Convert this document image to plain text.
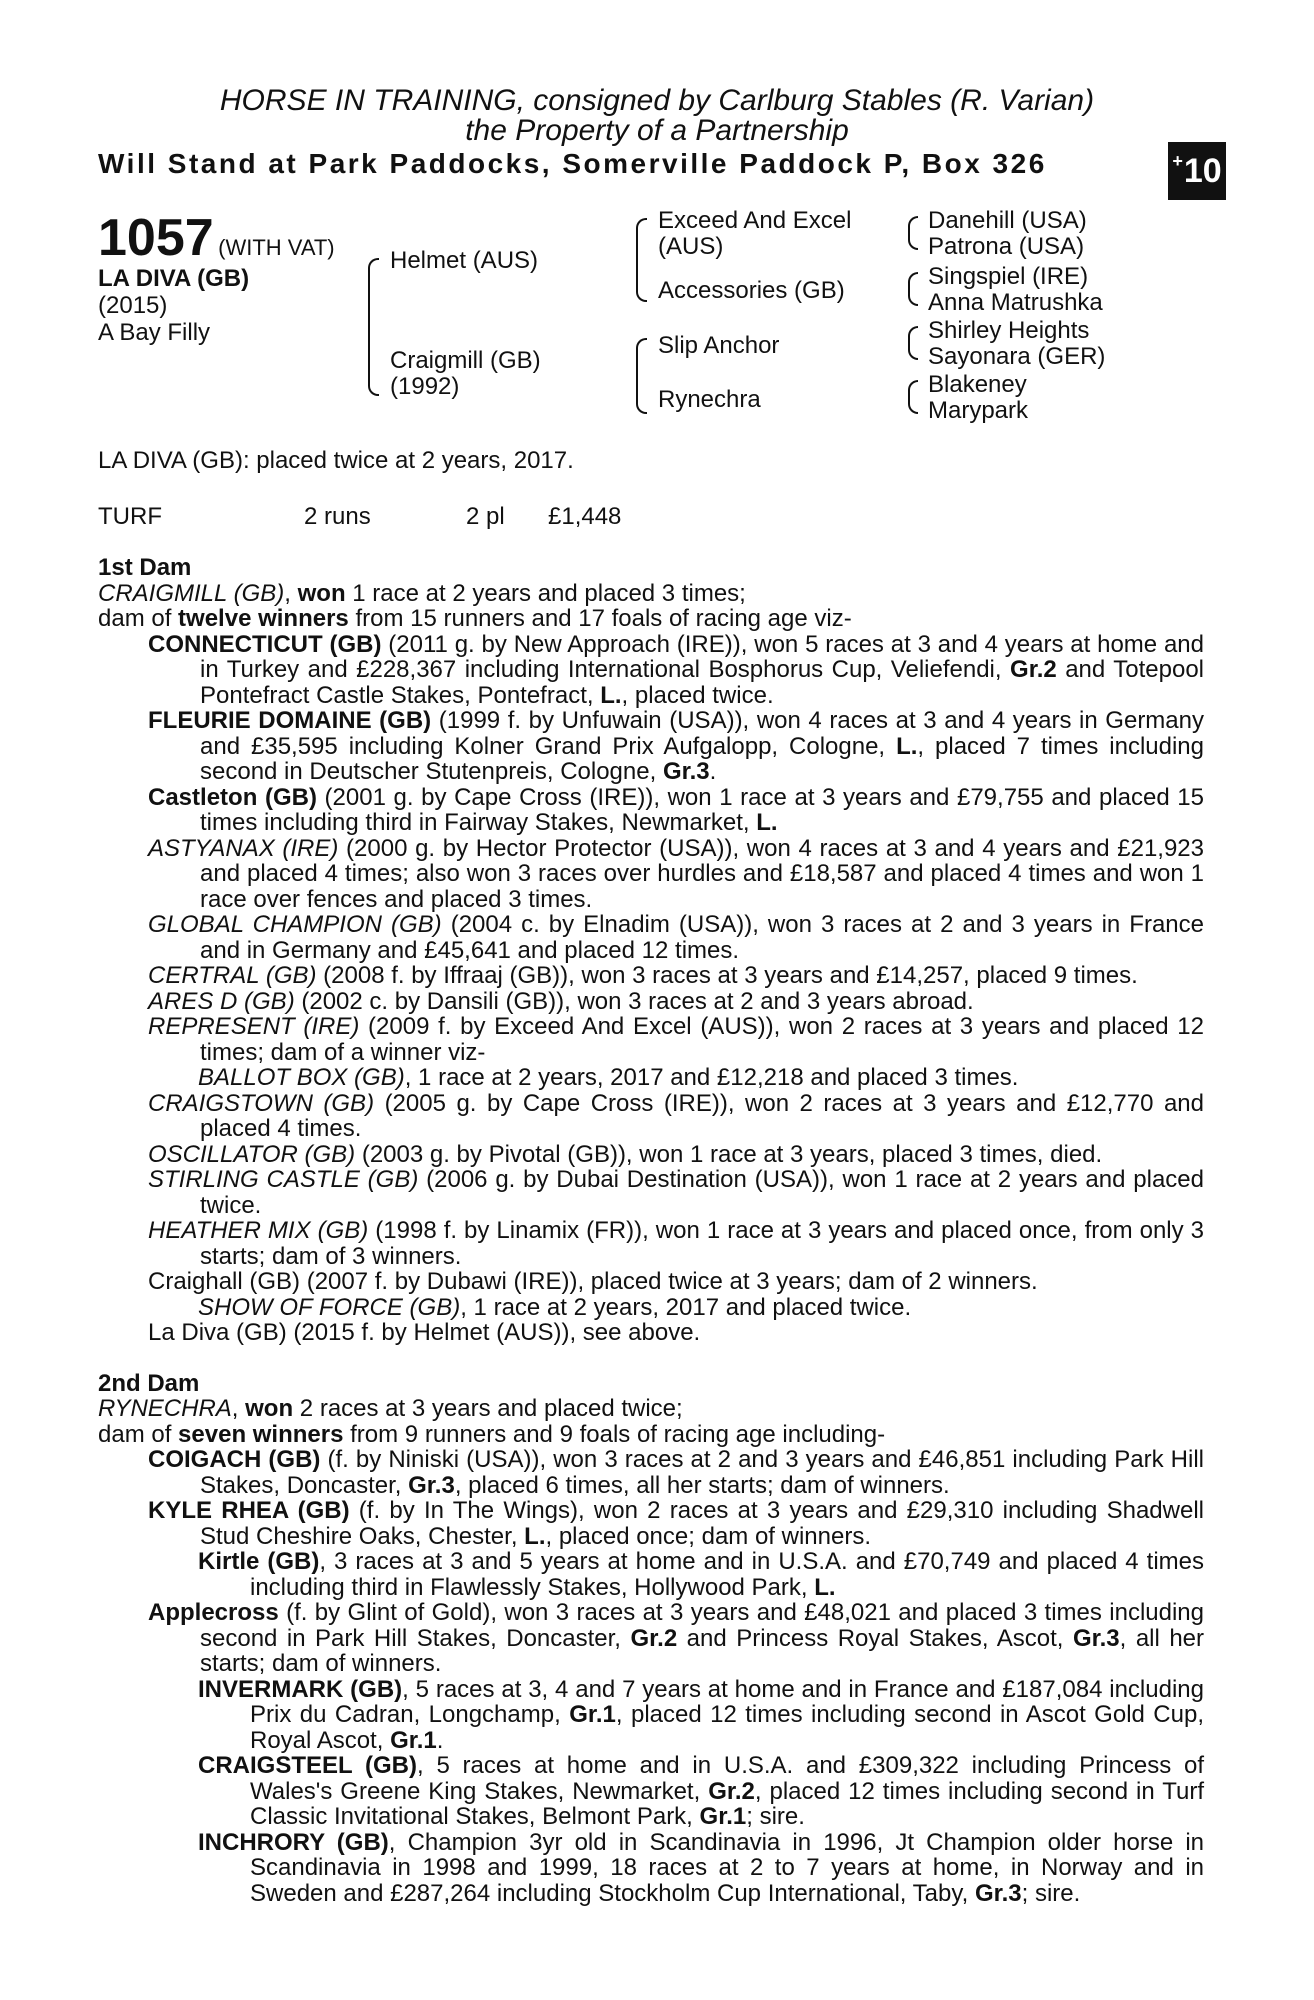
HORSE IN TRAINING, consigned by Carlburg Stables (R. Varian)
the Property of a Partnership
Will Stand at Park Paddocks, Somerville Paddock P, Box 326	+ 10
1057 (WITH VAT)
LA DIVA (GB)
(2015)
A Bay Filly
Helmet (AUS)
Craigmill (GB)
(1992)
Exceed And Excel
(AUS)
Accessories (GB)
Slip Anchor
Rynechra
Danehill (USA)
Patrona (USA)
Singspiel (IRE)
Anna Matrushka
Shirley Heights
Sayonara (GER)
Blakeney
Marypark
LA DIVA (GB): placed twice at 2 years, 2017.
TURF	2 runs	2 pl £1,448

1st Dam

CRAIGMILL (GB), won 1 race at 2 years and placed 3 times;

dam of twelve winners from 15 runners and 17 foals of racing age viz-

CONNECTICUT (GB) (2011 g. by New Approach (IRE)), won 5 races at 3 and 4 years at home and in Turkey and £228,367 including International Bosphorus Cup, Veliefendi, Gr.2 and Totepool Pontefract Castle Stakes, Pontefract, L., placed twice.

FLEURIE DOMAINE (GB) (1999 f. by Unfuwain (USA)), won 4 races at 3 and 4 years in Germany and £35,595 including Kolner Grand Prix Aufgalopp, Cologne, L., placed 7 times including second in Deutscher Stutenpreis, Cologne, Gr.3.

Castleton (GB) (2001 g. by Cape Cross (IRE)), won 1 race at 3 years and £79,755 and placed 15 times including third in Fairway Stakes, Newmarket, L.

ASTYANAX (IRE) (2000 g. by Hector Protector (USA)), won 4 races at 3 and 4 years and £21,923 and placed 4 times; also won 3 races over hurdles and £18,587 and placed 4 times and won 1 race over fences and placed 3 times.

GLOBAL CHAMPION (GB) (2004 c. by Elnadim (USA)), won 3 races at 2 and 3 years in France and in Germany and £45,641 and placed 12 times.

CERTRAL (GB) (2008 f. by Iffraaj (GB)), won 3 races at 3 years and £14,257, placed 9 times.

ARES D (GB) (2002 c. by Dansili (GB)), won 3 races at 2 and 3 years abroad.

REPRESENT (IRE) (2009 f. by Exceed And Excel (AUS)), won 2 races at 3 years and placed 12 times; dam of a winner viz-

BALLOT BOX (GB), 1 race at 2 years, 2017 and £12,218 and placed 3 times.

CRAIGSTOWN (GB) (2005 g. by Cape Cross (IRE)), won 2 races at 3 years and £12,770 and placed 4 times.

OSCILLATOR (GB) (2003 g. by Pivotal (GB)), won 1 race at 3 years, placed 3 times, died.

STIRLING CASTLE (GB) (2006 g. by Dubai Destination (USA)), won 1 race at 2 years and placed twice.

HEATHER MIX (GB) (1998 f. by Linamix (FR)), won 1 race at 3 years and placed once, from only 3 starts; dam of 3 winners.

Craighall (GB) (2007 f. by Dubawi (IRE)), placed twice at 3 years; dam of 2 winners.

SHOW OF FORCE (GB), 1 race at 2 years, 2017 and placed twice.

La Diva (GB) (2015 f. by Helmet (AUS)), see above.

2nd Dam

RYNECHRA, won 2 races at 3 years and placed twice;

dam of seven winners from 9 runners and 9 foals of racing age including-

COIGACH (GB) (f. by Niniski (USA)), won 3 races at 2 and 3 years and £46,851 including Park Hill Stakes, Doncaster, Gr.3, placed 6 times, all her starts; dam of winners.

KYLE RHEA (GB) (f. by In The Wings), won 2 races at 3 years and £29,310 including Shadwell Stud Cheshire Oaks, Chester, L., placed once; dam of winners.

Kirtle (GB), 3 races at 3 and 5 years at home and in U.S.A. and £70,749 and placed 4 times including third in Flawlessly Stakes, Hollywood Park, L.

Applecross (f. by Glint of Gold), won 3 races at 3 years and £48,021 and placed 3 times including second in Park Hill Stakes, Doncaster, Gr.2 and Princess Royal Stakes, Ascot, Gr.3, all her starts; dam of winners.

INVERMARK (GB), 5 races at 3, 4 and 7 years at home and in France and £187,084 including Prix du Cadran, Longchamp, Gr.1, placed 12 times including second in Ascot Gold Cup, Royal Ascot, Gr.1.

CRAIGSTEEL (GB), 5 races at home and in U.S.A. and £309,322 including Princess of Wales's Greene King Stakes, Newmarket, Gr.2, placed 12 times including second in Turf Classic Invitational Stakes, Belmont Park, Gr.1; sire.

INCHRORY (GB), Champion 3yr old in Scandinavia in 1996, Jt Champion older horse in Scandinavia in 1998 and 1999, 18 races at 2 to 7 years at home, in Norway and in Sweden and £287,264 including Stockholm Cup International, Taby, Gr.3; sire.
